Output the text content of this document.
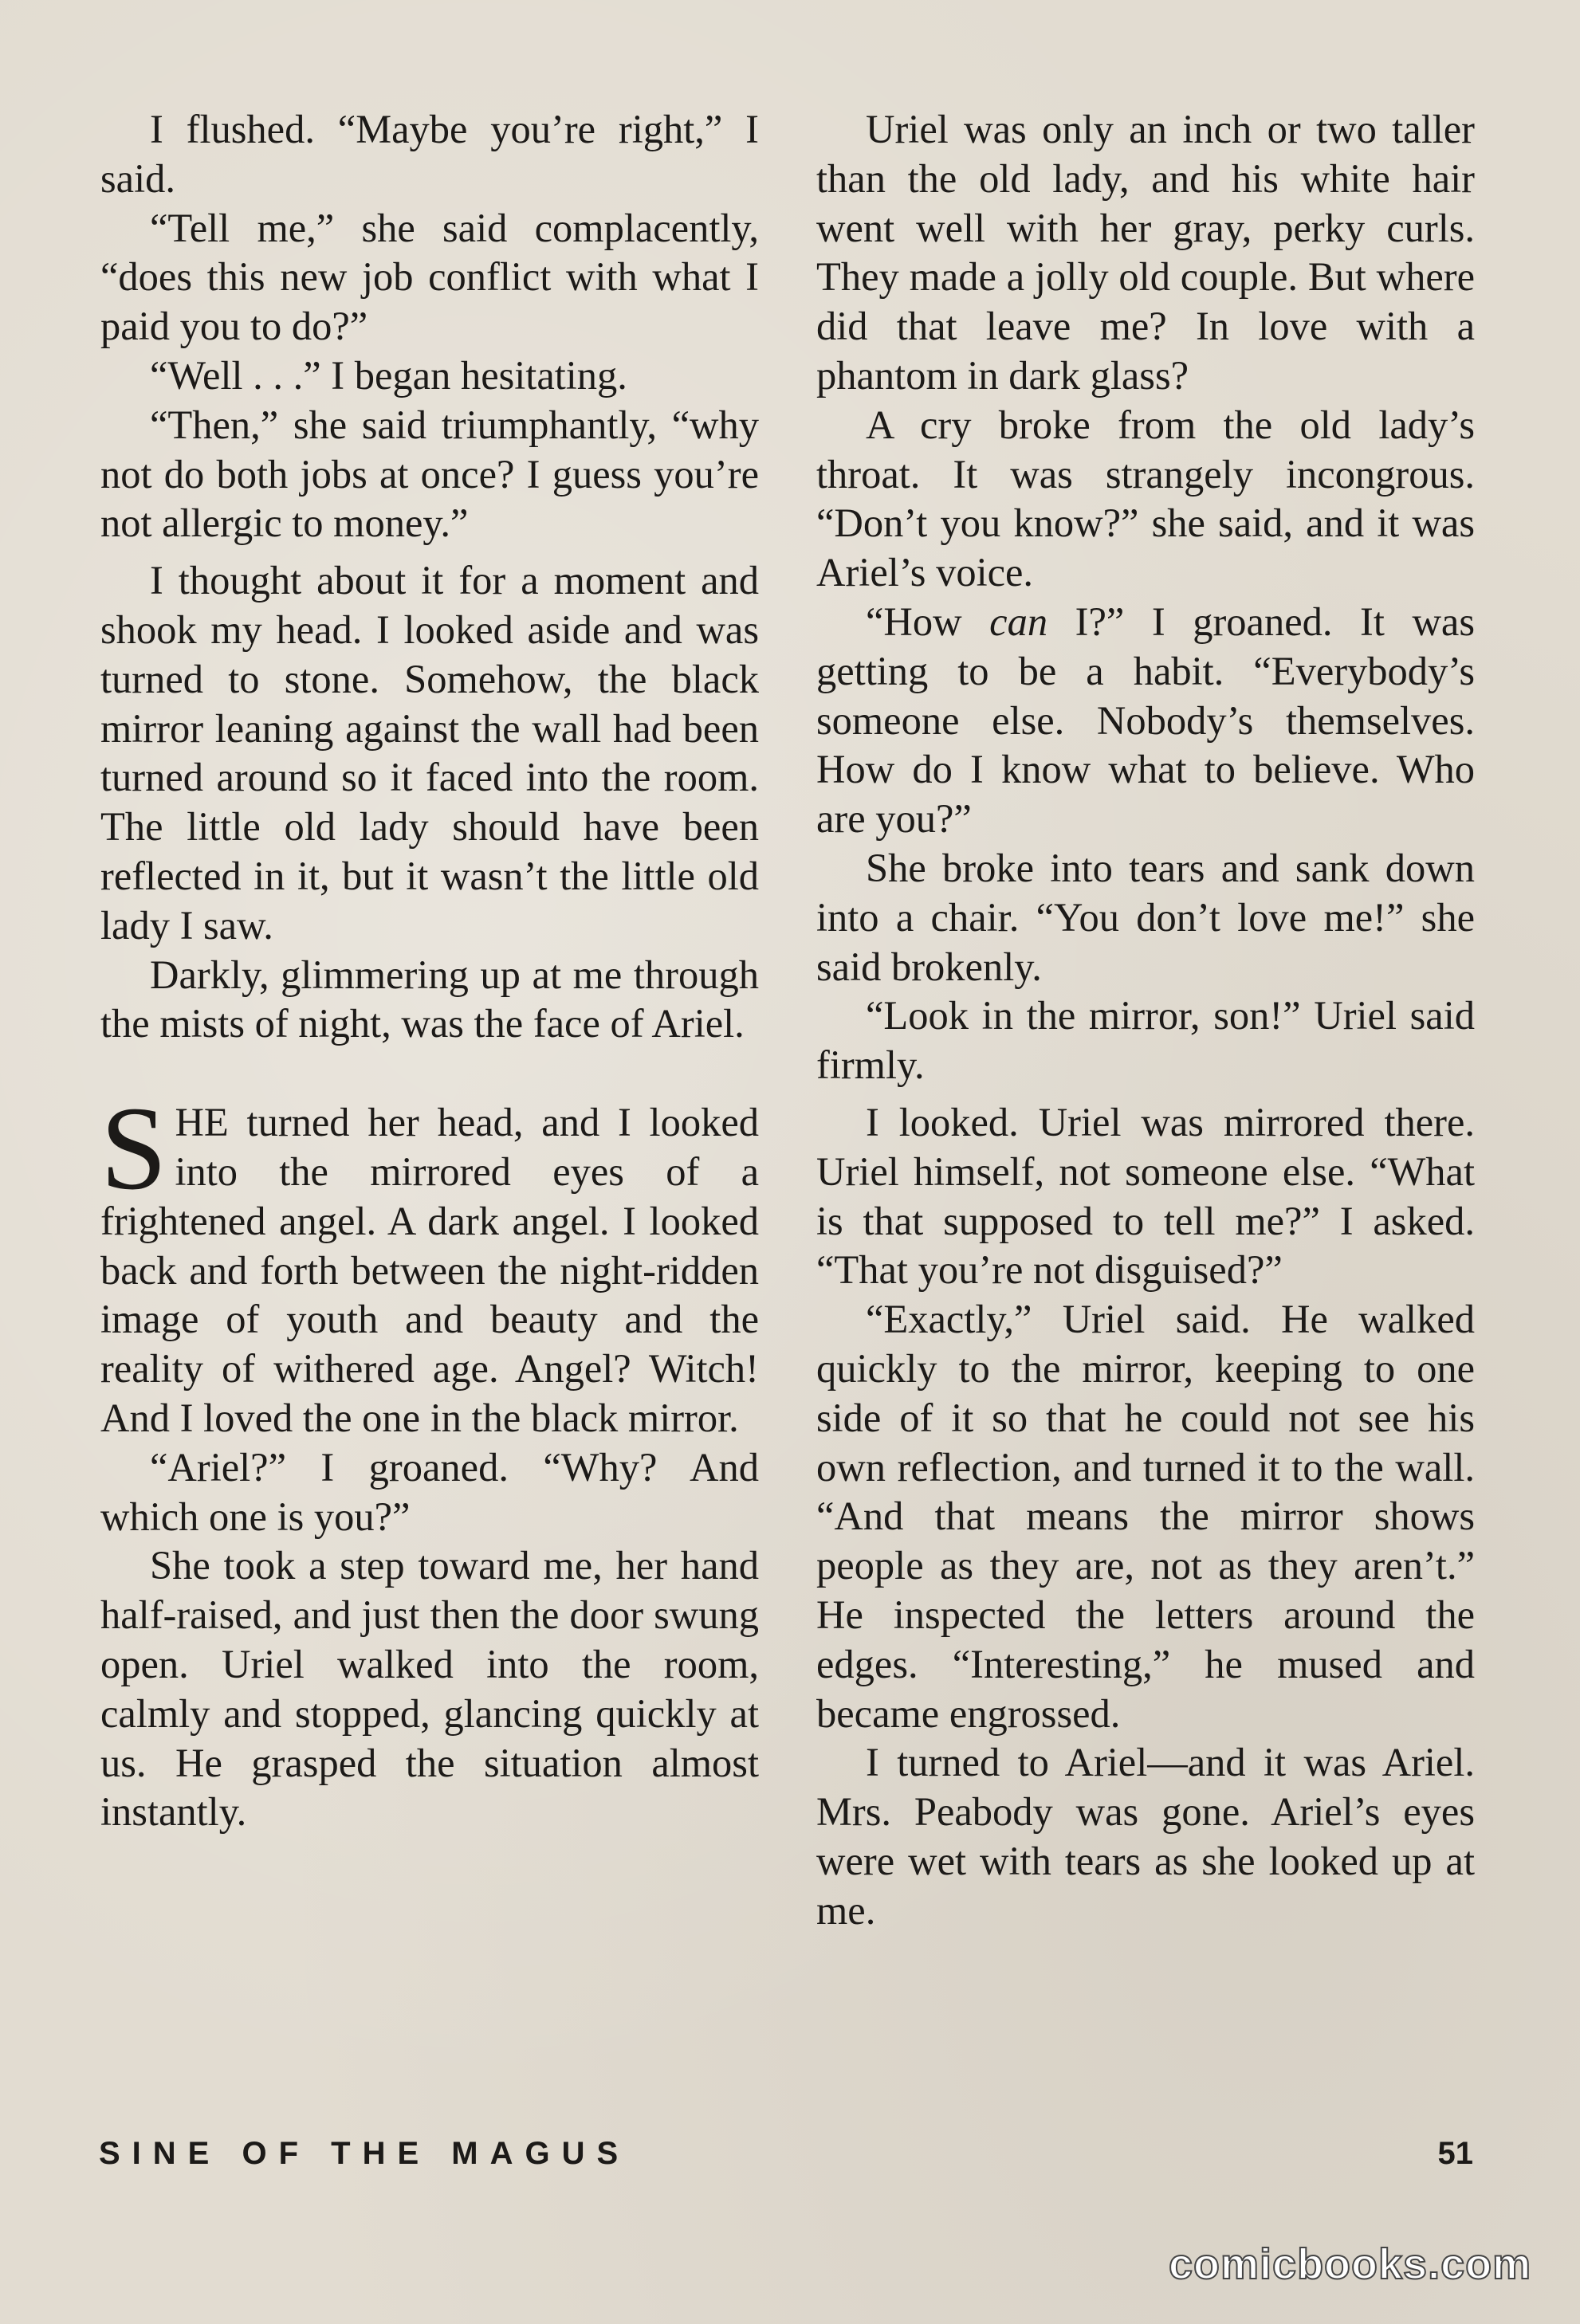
I flushed. “Maybe you’re right,” I said.

“Tell me,” she said complacently, “does this new job conflict with what I paid you to do?”

“Well . . .” I began hesitating.

“Then,” she said triumphantly, “why not do both jobs at once? I guess you’re not allergic to money.”

I thought about it for a moment and shook my head. I looked aside and was turned to stone. Somehow, the black mirror leaning against the wall had been turned around so it faced into the room. The little old lady should have been reflected in it, but it wasn’t the little old lady I saw.

Darkly, glimmering up at me through the mists of night, was the face of Ariel.

SHE turned her head, and I looked into the mirrored eyes of a frightened angel. A dark angel. I looked back and forth between the night-ridden image of youth and beauty and the reality of withered age. Angel? Witch! And I loved the one in the black mirror.

“Ariel?” I groaned. “Why? And which one is you?”

She took a step toward me, her hand half-raised, and just then the door swung open. Uriel walked into the room, calmly and stopped, glancing quickly at us. He grasped the situation almost instantly.

Uriel was only an inch or two taller than the old lady, and his white hair went well with her gray, perky curls. They made a jolly old couple. But where did that leave me? In love with a phantom in dark glass?

A cry broke from the old lady’s throat. It was strangely incongrous. “Don’t you know?” she said, and it was Ariel’s voice.

“How can I?” I groaned. It was getting to be a habit. “Everybody’s someone else. Nobody’s themselves. How do I know what to believe. Who are you?”

She broke into tears and sank down into a chair. “You don’t love me!” she said brokenly.

“Look in the mirror, son!” Uriel said firmly.

I looked. Uriel was mirrored there. Uriel himself, not someone else. “What is that supposed to tell me?” I asked. “That you’re not disguised?”

“Exactly,” Uriel said. He walked quickly to the mirror, keeping to one side of it so that he could not see his own reflection, and turned it to the wall. “And that means the mirror shows people as they are, not as they aren’t.” He inspected the letters around the edges. “Interesting,” he mused and became engrossed.

I turned to Ariel—and it was Ariel. Mrs. Peabody was gone. Ariel’s eyes were wet with tears as she looked up at me.

SINE OF THE MAGUS	51
comicbooks.com
